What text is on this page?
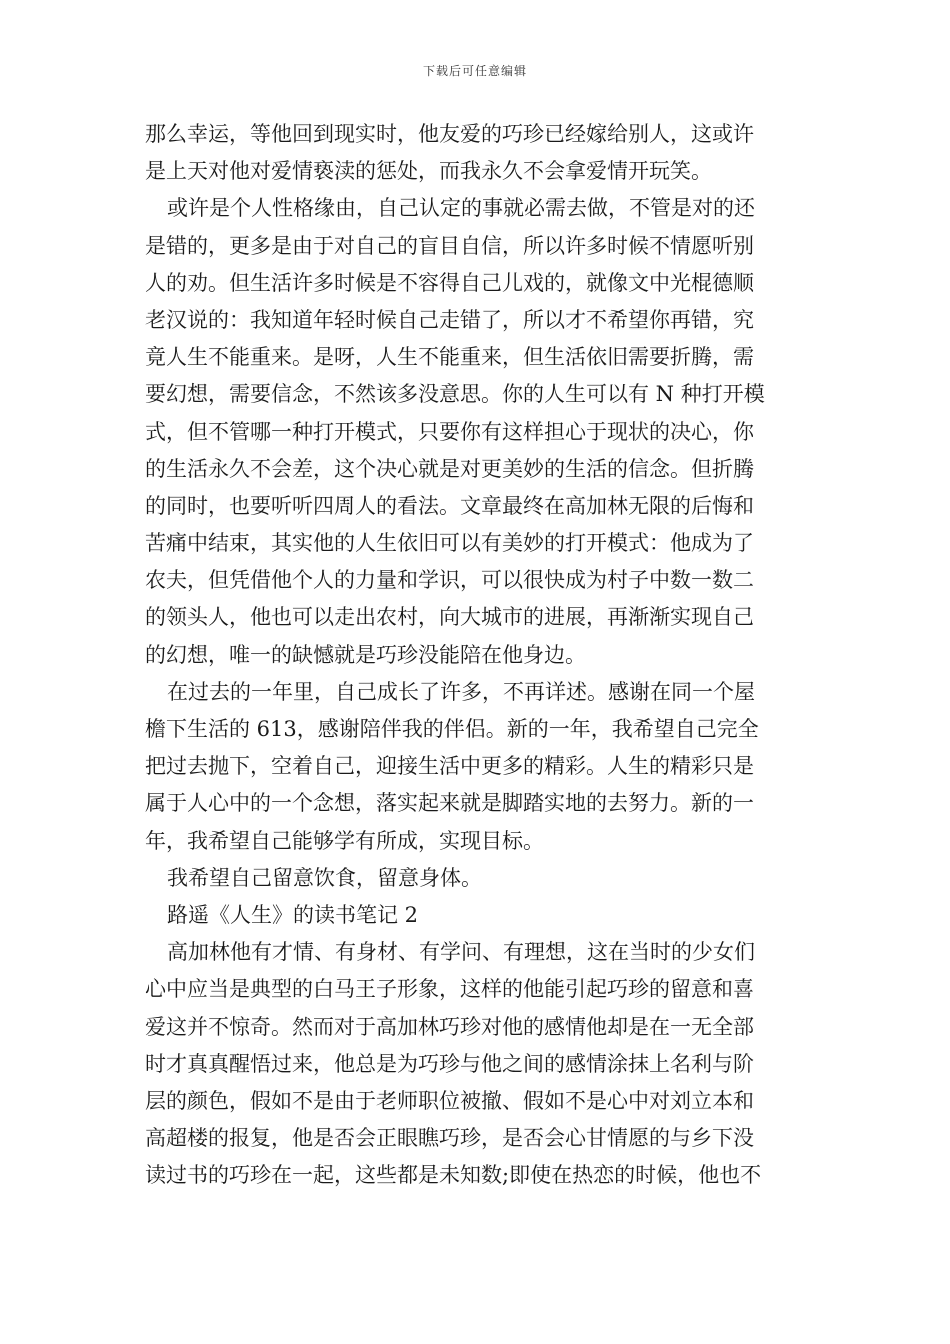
下载后可任意编辑
那么幸运，等他回到现实时，他友爱的巧珍已经嫁给别人，这或许
是上天对他对爱情亵渎的惩处，而我永久不会拿爱情开玩笑。
或许是个人性格缘由，自己认定的事就必需去做，不管是对的还
是错的，更多是由于对自己的盲目自信，所以许多时候不情愿听别
人的劝。但生活许多时候是不容得自己儿戏的，就像文中光棍德顺
老汉说的：我知道年轻时候自己走错了，所以才不希望你再错，究
竟人生不能重来。是呀，人生不能重来，但生活依旧需要折腾，需
要幻想，需要信念，不然该多没意思。你的人生可以有 N 种打开模
式，但不管哪一种打开模式，只要你有这样担心于现状的决心，你
的生活永久不会差，这个决心就是对更美妙的生活的信念。但折腾
的同时，也要听听四周人的看法。文章最终在高加林无限的后悔和
苦痛中结束，其实他的人生依旧可以有美妙的打开模式：他成为了
农夫，但凭借他个人的力量和学识，可以很快成为村子中数一数二
的领头人，他也可以走出农村，向大城市的进展，再渐渐实现自己
的幻想，唯一的缺憾就是巧珍没能陪在他身边。
在过去的一年里，自己成长了许多，不再详述。感谢在同一个屋
檐下生活的 613，感谢陪伴我的伴侣。新的一年，我希望自己完全
把过去抛下，空着自己，迎接生活中更多的精彩。人生的精彩只是
属于人心中的一个念想，落实起来就是脚踏实地的去努力。新的一
年，我希望自己能够学有所成，实现目标。
我希望自己留意饮食，留意身体。
路遥《人生》的读书笔记 2
高加林他有才情、有身材、有学问、有理想，这在当时的少女们
心中应当是典型的白马王子形象，这样的他能引起巧珍的留意和喜
爱这并不惊奇。然而对于高加林巧珍对他的感情他却是在一无全部
时才真真醒悟过来，他总是为巧珍与他之间的感情涂抹上名利与阶
层的颜色，假如不是由于老师职位被撤、假如不是心中对刘立本和
高超楼的报复，他是否会正眼瞧巧珍，是否会心甘情愿的与乡下没
读过书的巧珍在一起，这些都是未知数;即使在热恋的时候，他也不
